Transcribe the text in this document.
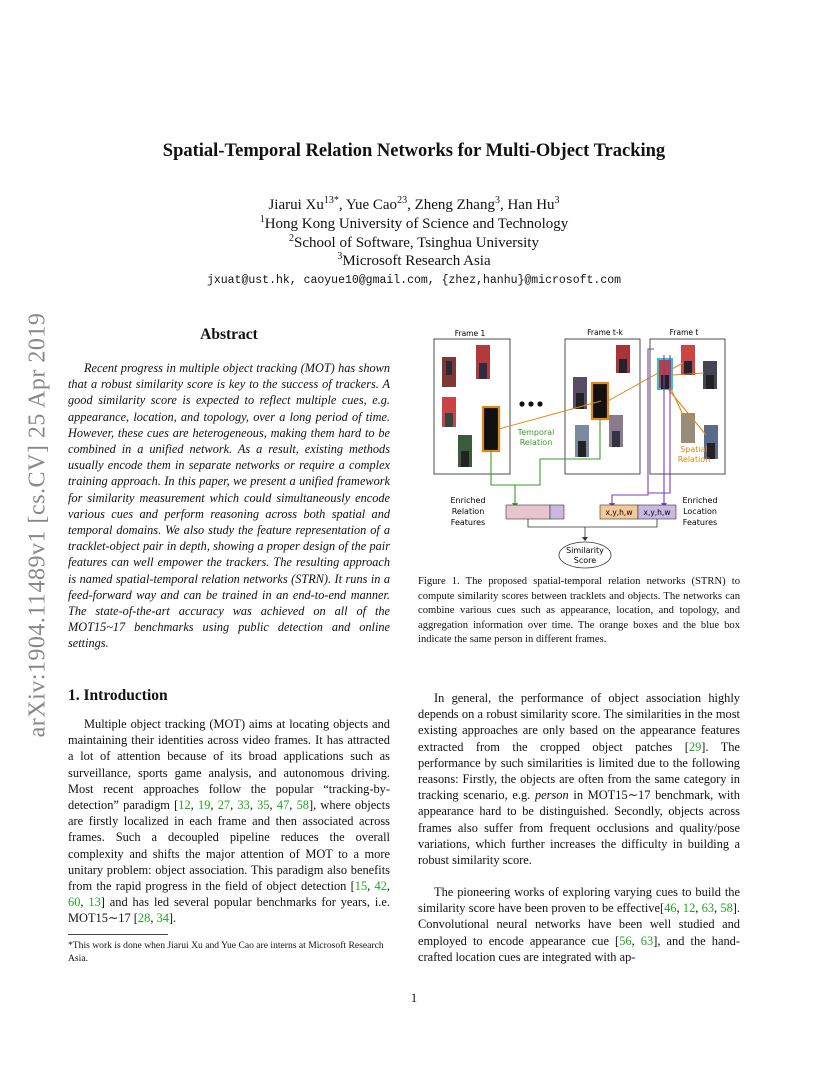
arXiv:1904.11489v1 [cs.CV] 25 Apr 2019
Spatial-Temporal Relation Networks for Multi-Object Tracking
Jiarui $Xu^{13*}$, Yue Cao$^{23}$, Zheng Zhang$^3$, Han Hu$^3$
$^1$Hong Kong University of Science and Technology
$^2$School of Software, Tsinghua University
$^3$Microsoft Research Asia
jxuat@ust.hk, caoyue10@gmail.com, {zhez,hanhu}@microsoft.com
Abstract
Recent progress in multiple object tracking (MOT) has shown that a robust similarity score is key to the success of trackers. A good similarity score is expected to reflect multiple cues, e.g. appearance, location, and topology, over a long period of time. However, these cues are heterogeneous, making them hard to be combined in a unified network. As a result, existing methods usually encode them in separate networks or require a complex training approach. In this paper, we present a unified framework for similarity measurement which could simultaneously encode various cues and perform reasoning across both spatial and temporal domains. We also study the feature representation of a tracklet-object pair in depth, showing a proper design of the pair features can well empower the trackers. The resulting approach is named spatial-temporal relation networks (STRN). It runs in a feed-forward way and can be trained in an end-to-end manner. The state-of-the-art accuracy was achieved on all of the MOT15~17 benchmarks using public detection and online settings.
1. Introduction
Multiple object tracking (MOT) aims at locating objects and maintaining their identities across video frames. It has attracted a lot of attention because of its broad applications such as surveillance, sports game analysis, and autonomous driving. Most recent approaches follow the popular “tracking-by-detection” paradigm [12, 19, 27, 33, 35, 47, 58], where objects are firstly localized in each frame and then associated across frames. Such a decoupled pipeline reduces the overall complexity and shifts the major attention of MOT to a more unitary problem: object association. This paradigm also benefits from the rapid progress in the field of object detection [15, 42, 60, 13] and has led several popular benchmarks for years, i.e. MOT15∼17 [28, 34].
*This work is done when Jiarui Xu and Yue Cao are interns at Microsoft Research Asia.
Frame 1	Frame t-k	Frame t
Temporal Relation
Spatial Relation
x,y,h,w x,y,h,w
Similarity Score
Enriched Relation Features
Enriched Location Features
Figure 1. The proposed spatial-temporal relation networks (STRN) to compute similarity scores between tracklets and objects. The networks can combine various cues such as appearance, location, and topology, and aggregation information over time. The orange boxes and the blue box indicate the same person in different frames.
In general, the performance of object association highly depends on a robust similarity score. The similarities in the most existing approaches are only based on the appearance features extracted from the cropped object patches [29]. The performance by such similarities is limited due to the following reasons: Firstly, the objects are often from the same category in tracking scenario, e.g. person in MOT15∼17 benchmark, with appearance hard to be distinguished. Secondly, objects across frames also suffer from frequent occlusions and quality/pose variations, which further increases the difficulty in building a robust similarity score.
The pioneering works of exploring varying cues to build the similarity score have been proven to be effective[46, 12, 63, 58]. Convolutional neural networks have been well studied and employed to encode appearance cue [56, 63], and the hand-crafted location cues are integrated with ap-
1
